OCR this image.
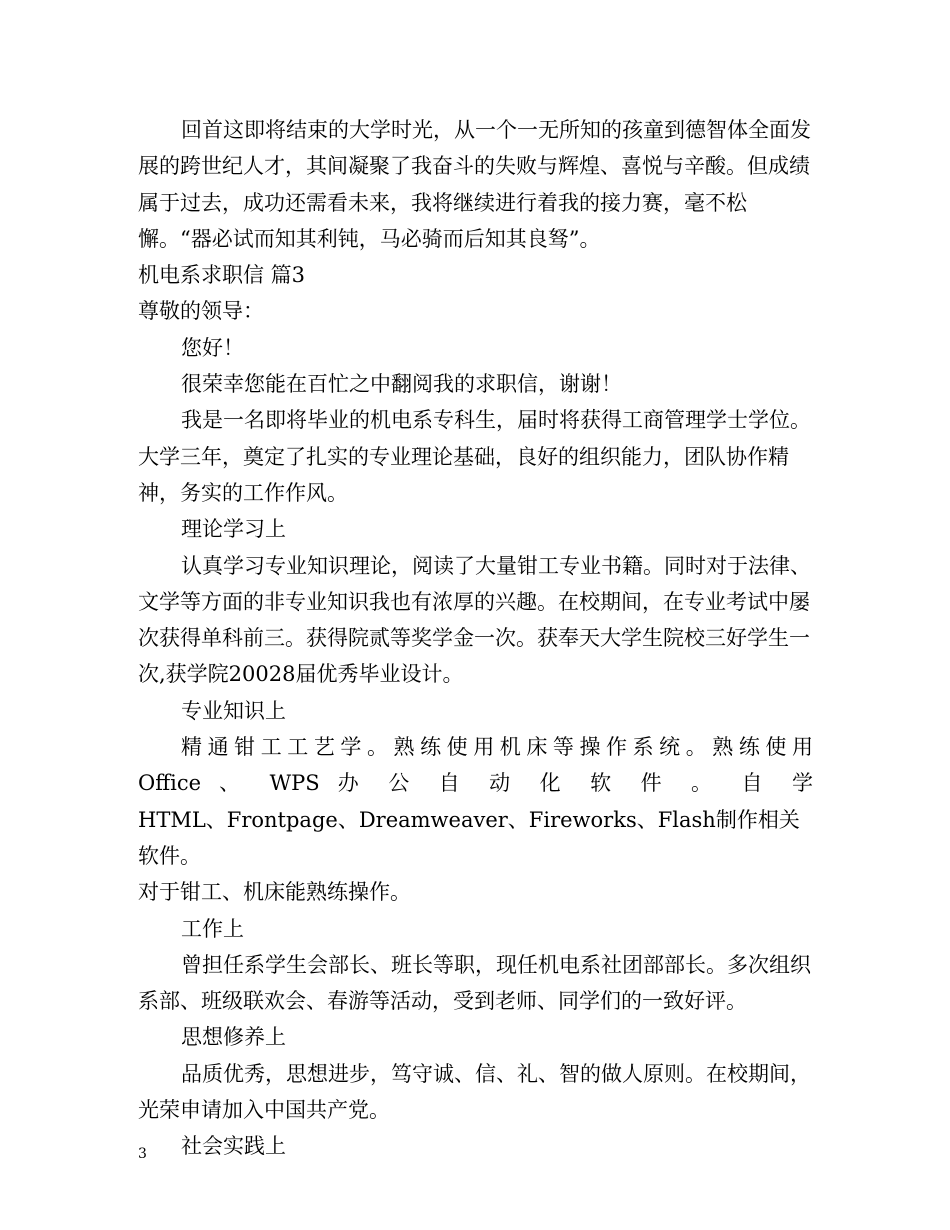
回首这即将结束的大学时光，从一个一无所知的孩童到德智体全面发展的跨世纪人才，其间凝聚了我奋斗的失败与辉煌、喜悦与辛酸。但成绩属于过去，成功还需看未来，我将继续进行着我的接力赛，毫不松懈。“器必试而知其利钝，马必骑而后知其良驽”。

机电系求职信 篇3

尊敬的领导：

您好！

很荣幸您能在百忙之中翻阅我的求职信，谢谢！

我是一名即将毕业的机电系专科生，届时将获得工商管理学士学位。大学三年，奠定了扎实的专业理论基础，良好的组织能力，团队协作精神，务实的工作作风。

理论学习上

认真学习专业知识理论，阅读了大量钳工专业书籍。同时对于法律、文学等方面的非专业知识我也有浓厚的兴趣。在校期间，在专业考试中屡次获得单科前三。获得院贰等奖学金一次。获奉天大学生院校三好学生一次,获学院20028届优秀毕业设计。

专业知识上

精通钳工工艺学。熟练使用机床等操作系统。熟练使用

Office 、 WPS 办 公 自 动 化 软 件 。 自 学

HTML、Frontpage、Dreamweaver、Fireworks、Flash制作相关软件。

对于钳工、机床能熟练操作。

工作上

曾担任系学生会部长、班长等职，现任机电系社团部部长。多次组织系部、班级联欢会、春游等活动，受到老师、同学们的一致好评。

思想修养上

品质优秀，思想进步，笃守诚、信、礼、智的做人原则。在校期间，光荣申请加入中国共产党。

社会实践上

3
